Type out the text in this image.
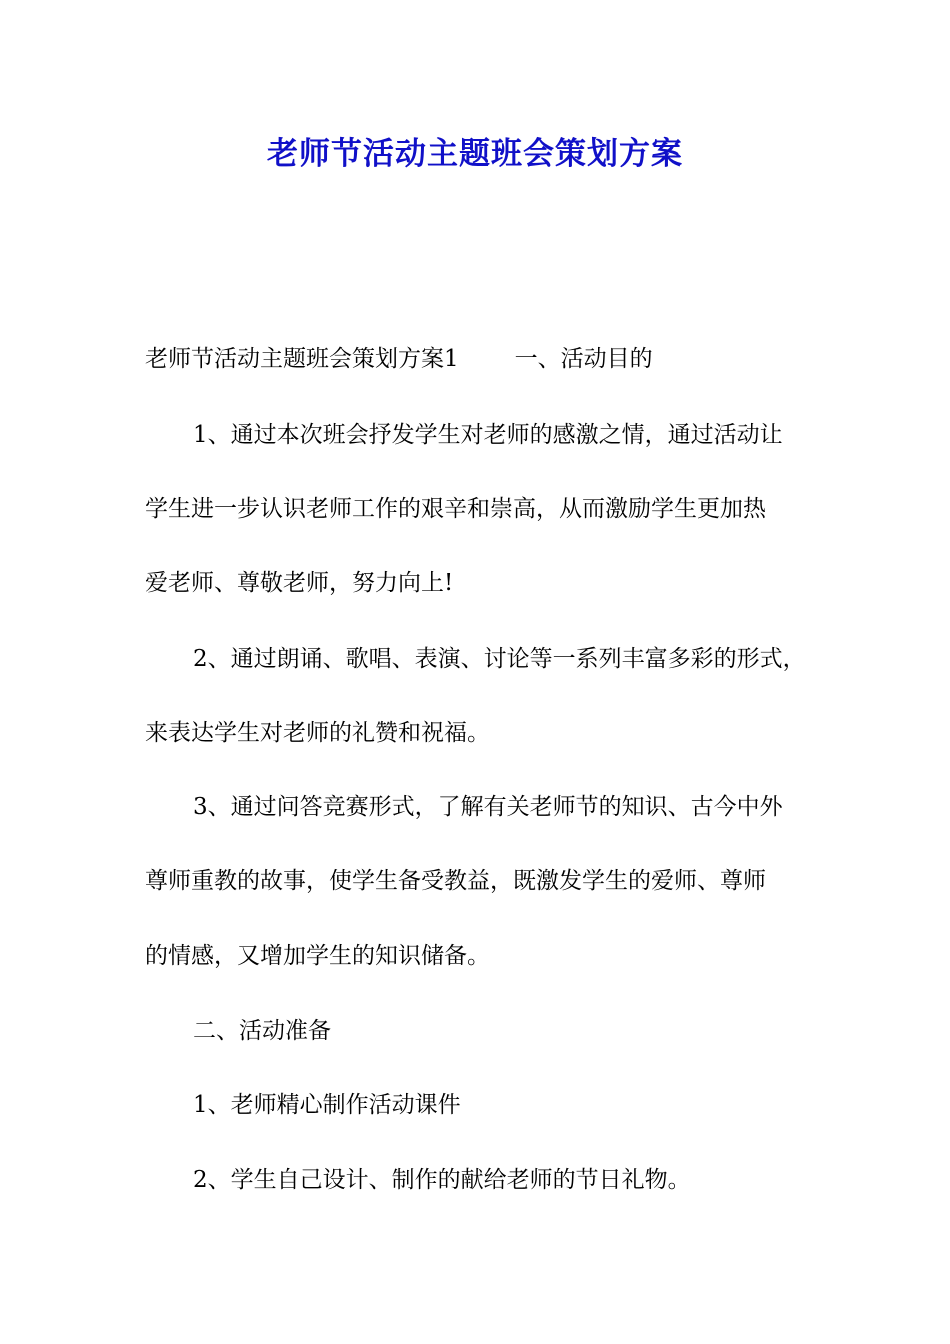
老师节活动主题班会策划方案

老师节活动主题班会策划方案1 一、活动目的

1、通过本次班会抒发学生对老师的感激之情，通过活动让

学生进一步认识老师工作的艰辛和崇高，从而激励学生更加热

爱老师、尊敬老师，努力向上!

2、通过朗诵、歌唱、表演、讨论等一系列丰富多彩的形式，

来表达学生对老师的礼赞和祝福。

3、通过问答竞赛形式，了解有关老师节的知识、古今中外

尊师重教的故事，使学生备受教益，既激发学生的爱师、尊师

的情感，又增加学生的知识储备。

二、活动准备

1、老师精心制作活动课件

2、学生自己设计、制作的献给老师的节日礼物。
